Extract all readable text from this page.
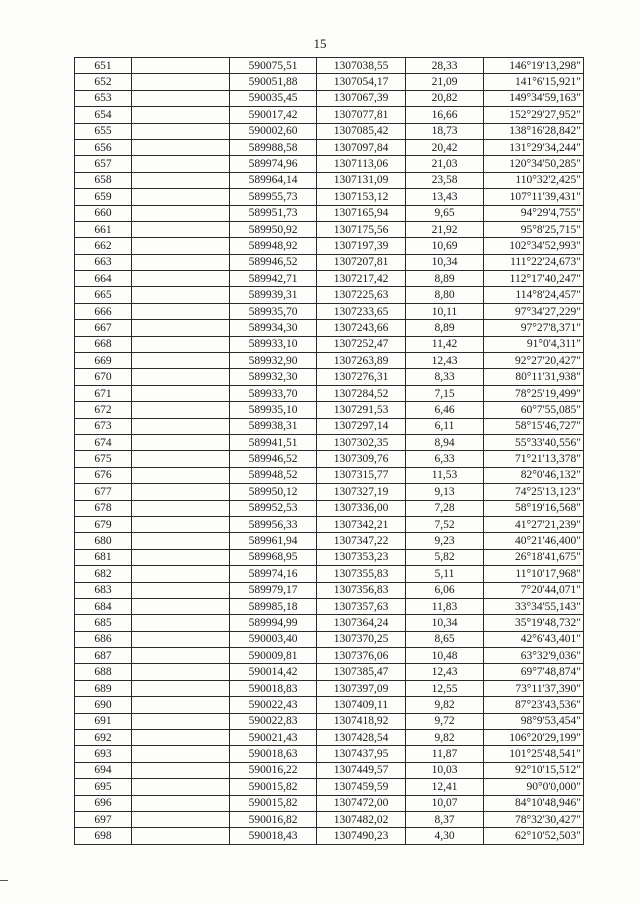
15
651		590075,51	1307038,55	28,33	146°19'13,298"
652		590051,88	1307054,17	21,09	141°6'15,921"
653		590035,45	1307067,39	20,82	149°34'59,163"
654		590017,42	1307077,81	16,66	152°29'27,952"
655		590002,60	1307085,42	18,73	138°16'28,842"
656		589988,58	1307097,84	20,42	131°29'34,244"
657		589974,96	1307113,06	21,03	120°34'50,285"
658		589964,14	1307131,09	23,58	110°32'2,425"
659		589955,73	1307153,12	13,43	107°11'39,431"
660		589951,73	1307165,94	9,65	94°29'4,755"
661		589950,92	1307175,56	21,92	95°8'25,715"
662		589948,92	1307197,39	10,69	102°34'52,993"
663		589946,52	1307207,81	10,34	111°22'24,673"
664		589942,71	1307217,42	8,89	112°17'40,247"
665		589939,31	1307225,63	8,80	114°8'24,457"
666		589935,70	1307233,65	10,11	97°34'27,229"
667		589934,30	1307243,66	8,89	97°27'8,371"
668		589933,10	1307252,47	11,42	91°0'4,311"
669		589932,90	1307263,89	12,43	92°27'20,427"
670		589932,30	1307276,31	8,33	80°11'31,938"
671		589933,70	1307284,52	7,15	78°25'19,499"
672		589935,10	1307291,53	6,46	60°7'55,085"
673		589938,31	1307297,14	6,11	58°15'46,727"
674		589941,51	1307302,35	8,94	55°33'40,556"
675		589946,52	1307309,76	6,33	71°21'13,378"
676		589948,52	1307315,77	11,53	82°0'46,132"
677		589950,12	1307327,19	9,13	74°25'13,123"
678		589952,53	1307336,00	7,28	58°19'16,568"
679		589956,33	1307342,21	7,52	41°27'21,239"
680		589961,94	1307347,22	9,23	40°21'46,400"
681		589968,95	1307353,23	5,82	26°18'41,675"
682		589974,16	1307355,83	5,11	11°10'17,968"
683		589979,17	1307356,83	6,06	7°20'44,071"
684		589985,18	1307357,63	11,83	33°34'55,143"
685		589994,99	1307364,24	10,34	35°19'48,732"
686		590003,40	1307370,25	8,65	42°6'43,401"
687		590009,81	1307376,06	10,48	63°32'9,036"
688		590014,42	1307385,47	12,43	69°7'48,874"
689		590018,83	1307397,09	12,55	73°11'37,390"
690		590022,43	1307409,11	9,82	87°23'43,536"
691		590022,83	1307418,92	9,72	98°9'53,454"
692		590021,43	1307428,54	9,82	106°20'29,199"
693		590018,63	1307437,95	11,87	101°25'48,541"
694		590016,22	1307449,57	10,03	92°10'15,512"
695		590015,82	1307459,59	12,41	90°0'0,000"
696		590015,82	1307472,00	10,07	84°10'48,946"
697		590016,82	1307482,02	8,37	78°32'30,427"
698		590018,43	1307490,23	4,30	62°10'52,503"
